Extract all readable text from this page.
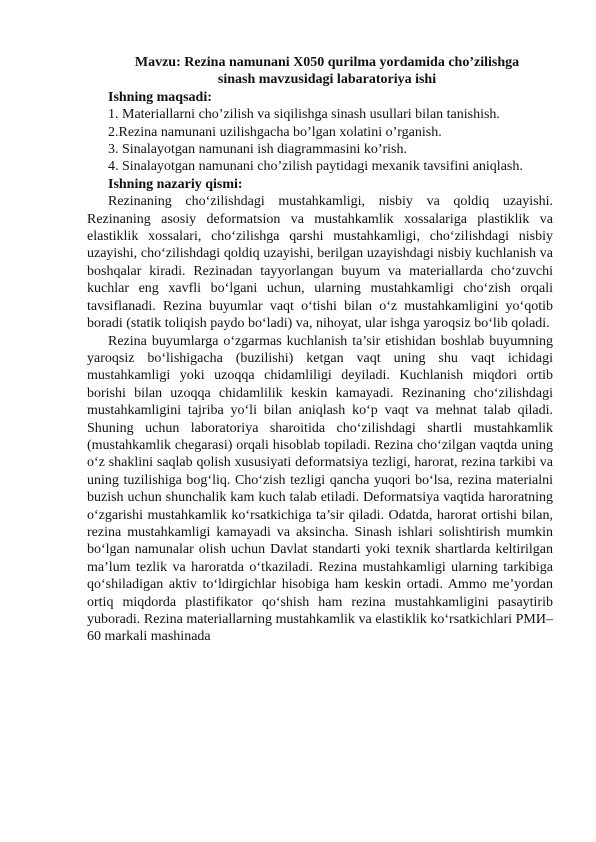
Mavzu: Rezina namunani X050 qurilma yordamida cho’zilishga
sinash mavzusidagi labaratoriya ishi

Ishning maqsadi:

1. Materiallarni cho’zilish va siqilishga sinash usullari bilan tanishish.

2.Rezina namunani uzilishgacha bo’lgan xolatini o’rganish.

3. Sinalayotgan namunani ish diagrammasini ko’rish.

4. Sinalayotgan namunani cho’zilish paytidagi mexanik tavsifini aniqlash.

Ishning nazariy qismi:

Rezinaning cho‘zilishdagi mustahkamligi, nisbiy va qoldiq uzayishi. Rezinaning asosiy deformatsion va mustahkamlik xossalariga plastiklik va elastiklik xossalari, cho‘zilishga qarshi mustahkamligi, cho‘zilishdagi nisbiy uzayishi, cho‘zilishdagi qoldiq uzayishi, berilgan uzayishdagi nisbiy kuchlanish va boshqalar kiradi. Rezinadan tayyorlangan buyum va materiallarda cho‘zuvchi kuchlar eng xavfli bo‘lgani uchun, ularning mustahkamligi cho‘zish orqali tavsiflanadi. Rezina buyumlar vaqt o‘tishi bilan o‘z mustahkamligini yo‘qotib boradi (statik toliqish paydo bo‘ladi) va, nihoyat, ular ishga yaroqsiz bo‘lib qoladi.

Rezina buyumlarga o‘zgarmas kuchlanish ta’sir etishidan boshlab buyumning yaroqsiz bo‘lishigacha (buzilishi) ketgan vaqt uning shu vaqt ichidagi mustahkamligi yoki uzoqqa chidamliligi deyiladi. Kuchlanish miqdori ortib borishi bilan uzoqqa chidamlilik keskin kamayadi. Rezinaning cho‘zilishdagi mustahkamligini tajriba yo‘li bilan aniqlash ko‘p vaqt va mehnat talab qiladi. Shuning uchun laboratoriya sharoitida cho‘zilishdagi shartli mustahkamlik (mustahkamlik chegarasi) orqali hisoblab topiladi. Rezina cho‘zilgan vaqtda uning o‘z shaklini saqlab qolish xususiyati deformatsiya tezligi, harorat, rezina tarkibi va uning tuzilishiga bog‘liq. Cho‘zish tezligi qancha yuqori bo‘lsa, rezina materialni buzish uchun shunchalik kam kuch talab etiladi. Deformatsiya vaqtida haroratning o‘zgarishi mustahkamlik ko‘rsatkichiga ta’sir qiladi. Odatda, harorat ortishi bilan, rezina mustahkamligi kamayadi va aksincha. Sinash ishlari solishtirish mumkin bo‘lgan namunalar olish uchun Davlat standarti yoki texnik shartlarda keltirilgan ma’lum tezlik va haroratda o‘tkaziladi. Rezina mustahkamligi ularning tarkibiga qo‘shiladigan aktiv to‘ldirgichlar hisobiga ham keskin ortadi. Ammo me’yordan ortiq miqdorda plastifikator qo‘shish ham rezina mustahkamligini pasaytirib yuboradi. Rezina materiallarning mustahkamlik va elastiklik ko‘rsatkichlari РМИ–60 markali mashinada
